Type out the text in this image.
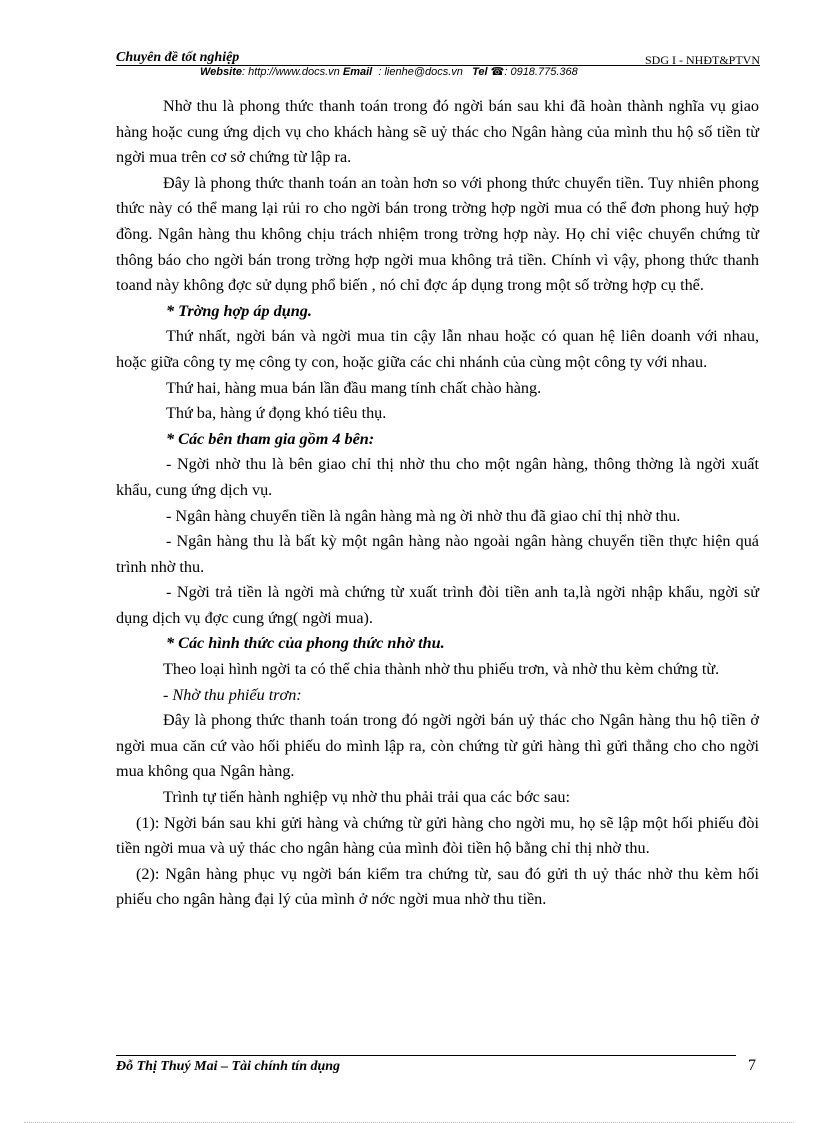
Chuyên đề tốt nghiệp	SDG I - NHĐT&PTVN
Website: http://www.docs.vn Email : lienhe@docs.vn Tel ☎: 0918.775.368

Nhờ thu là phong thức thanh toán trong đó ngời bán sau khi đã hoàn thành nghĩa vụ giao hàng hoặc cung ứng dịch vụ cho khách hàng sẽ uỷ thác cho Ngân hàng của mình thu hộ số tiền từ ngời mua trên cơ sở chứng từ lập ra.

Đây là phong thức thanh toán an toàn hơn so với phong thức chuyển tiền. Tuy nhiên phong thức này có thể mang lại rủi ro cho ngời bán trong trờng hợp ngời mua có thể đơn phong huỷ hợp đồng. Ngân hàng thu không chịu trách nhiệm trong trờng hợp này. Họ chỉ việc chuyển chứng từ thông báo cho ngời bán trong trờng hợp ngời mua không trả tiền. Chính vì vậy, phong thức thanh toand này không đợc sử dụng phổ biến , nó chỉ đợc áp dụng trong một số trờng hợp cụ thể.

* Trờng hợp áp dụng.

Thứ nhất, ngời bán và ngời mua tin cậy lẫn nhau hoặc có quan hệ liên doanh với nhau, hoặc giữa công ty mẹ công ty con, hoặc giữa các chi nhánh của cùng một công ty với nhau.

Thứ hai, hàng mua bán lần đầu mang tính chất chào hàng.

Thứ ba, hàng ứ đọng khó tiêu thụ.

* Các bên tham gia gồm 4 bên:

- Ngời nhờ thu là bên giao chỉ thị nhờ thu cho một ngân hàng, thông thờng là ngời xuất khẩu, cung ứng dịch vụ.

- Ngân hàng chuyển tiền là ngân hàng mà ng ời nhờ thu đã giao chỉ thị nhờ thu.

- Ngân hàng thu là bất kỳ một ngân hàng nào ngoài ngân hàng chuyển tiền thực hiện quá trình nhờ thu.

- Ngời trả tiền là ngời mà chứng từ xuất trình đòi tiền anh ta,là ngời nhập khẩu, ngời sử dụng dịch vụ đợc cung ứng( ngời mua).

* Các hình thức của phong thức nhờ thu.

Theo loại hình ngời ta có thể chia thành nhờ thu phiếu trơn, và nhờ thu kèm chứng từ.

- Nhờ thu phiếu trơn:

Đây là phong thức thanh toán trong đó ngời ngời bán uỷ thác cho Ngân hàng thu hộ tiền ở ngời mua căn cứ vào hối phiếu do mình lập ra, còn chứng từ gửi hàng thì gửi thẳng cho cho ngời mua không qua Ngân hàng.

Trình tự tiến hành nghiệp vụ nhờ thu phải trải qua các bớc sau:

(1): Ngời bán sau khi gửi hàng và chứng từ gửi hàng cho ngời mu, họ sẽ lập một hối phiếu đòi tiền ngời mua và uỷ thác cho ngân hàng của mình đòi tiền hộ bằng chỉ thị nhờ thu.

(2): Ngân hàng phục vụ ngời bán kiểm tra chứng từ, sau đó gửi th uỷ thác nhờ thu kèm hối phiếu cho ngân hàng đại lý của mình ở nớc ngời mua nhờ thu tiền.

Đỗ Thị Thuý Mai – Tài chính tín dụng	7
